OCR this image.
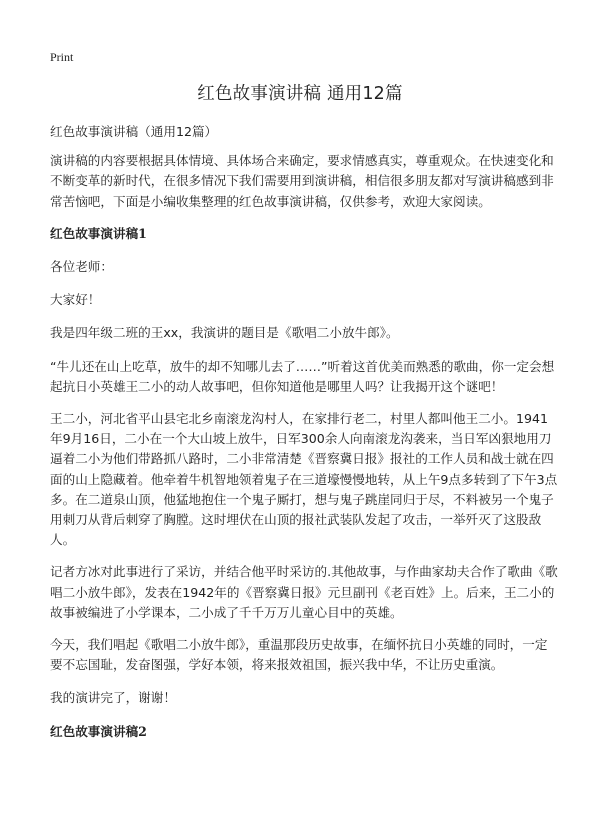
Print
红色故事演讲稿 通用12篇

红色故事演讲稿（通用12篇）

演讲稿的内容要根据具体情境、具体场合来确定，要求情感真实，尊重观众。在快速变化和不断变革的新时代，在很多情况下我们需要用到演讲稿，相信很多朋友都对写演讲稿感到非常苦恼吧，下面是小编收集整理的红色故事演讲稿，仅供参考，欢迎大家阅读。

红色故事演讲稿1

各位老师：

大家好！

我是四年级二班的王xx，我演讲的题目是《歌唱二小放牛郎》。

“牛儿还在山上吃草，放牛的却不知哪儿去了……”听着这首优美而熟悉的歌曲，你一定会想起抗日小英雄王二小的动人故事吧，但你知道他是哪里人吗？让我揭开这个谜吧！

王二小，河北省平山县宅北乡南滚龙沟村人，在家排行老二，村里人都叫他王二小。1941年9月16日，二小在一个大山坡上放牛，日军300余人向南滚龙沟袭来，当日军凶狠地用刀逼着二小为他们带路抓八路时，二小非常清楚《晋察冀日报》报社的工作人员和战士就在四面的山上隐藏着。他牵着牛机智地领着鬼子在三道壕慢慢地转，从上午9点多转到了下午3点多。在二道泉山顶，他猛地抱住一个鬼子厮打，想与鬼子跳崖同归于尽，不料被另一个鬼子用刺刀从背后刺穿了胸膛。这时埋伏在山顶的报社武装队发起了攻击，一举歼灭了这股敌人。

记者方冰对此事进行了采访，并结合他平时采访的.其他故事，与作曲家劫夫合作了歌曲《歌唱二小放牛郎》，发表在1942年的《晋察冀日报》元旦副刊《老百姓》上。后来，王二小的故事被编进了小学课本，二小成了千千万万儿童心目中的英雄。

今天，我们唱起《歌唱二小放牛郎》，重温那段历史故事，在缅怀抗日小英雄的同时，一定要不忘国耻，发奋图强，学好本领，将来报效祖国，振兴我中华，不让历史重演。

我的演讲完了，谢谢！

红色故事演讲稿2
